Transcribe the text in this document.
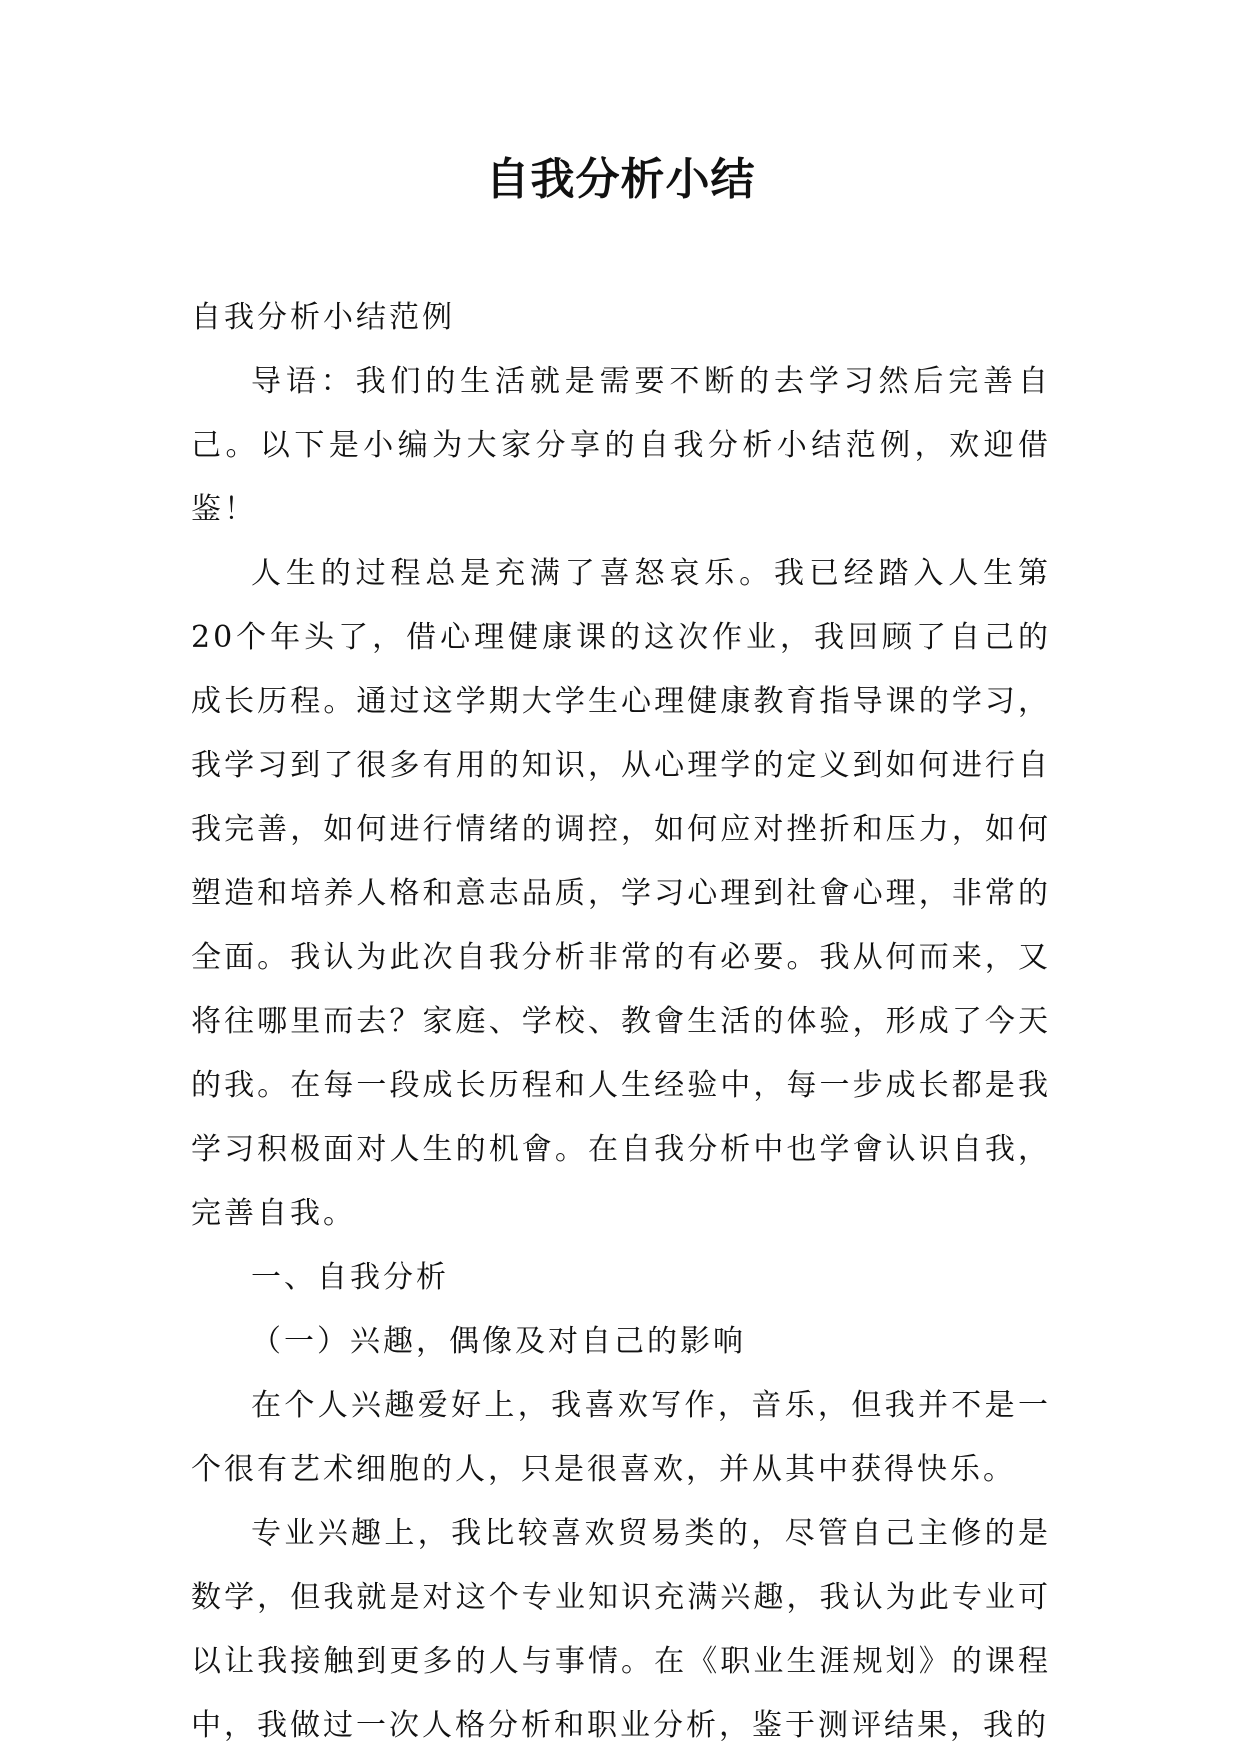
自我分析小结

自我分析小结范例

导语：我们的生活就是需要不断的去学习然后完善自己。以下是小编为大家分享的自我分析小结范例，欢迎借鉴！

人生的过程总是充满了喜怒哀乐。我已经踏入人生第20个年头了，借心理健康课的这次作业，我回顾了自己的成长历程。通过这学期大学生心理健康教育指导课的学习，我学习到了很多有用的知识，从心理学的定义到如何进行自我完善，如何进行情绪的调控，如何应对挫折和压力，如何塑造和培养人格和意志品质，学习心理到社會心理，非常的全面。我认为此次自我分析非常的有必要。我从何而来，又将往哪里而去？家庭、学校、教會生活的体验，形成了今天的我。在每一段成长历程和人生经验中，每一步成长都是我学习积极面对人生的机會。在自我分析中也学會认识自我，完善自我。

一、自我分析

（一）兴趣，偶像及对自己的影响

在个人兴趣爱好上，我喜欢写作，音乐，但我并不是一个很有艺术细胞的人，只是很喜欢，并从其中获得快乐。

专业兴趣上，我比较喜欢贸易类的，尽管自己主修的是数学，但我就是对这个专业知识充满兴趣，我认为此专业可以让我接触到更多的人与事情。在《职业生涯规划》的课程中，我做过一次人格分析和职业分析，鉴于测评结果，我的
